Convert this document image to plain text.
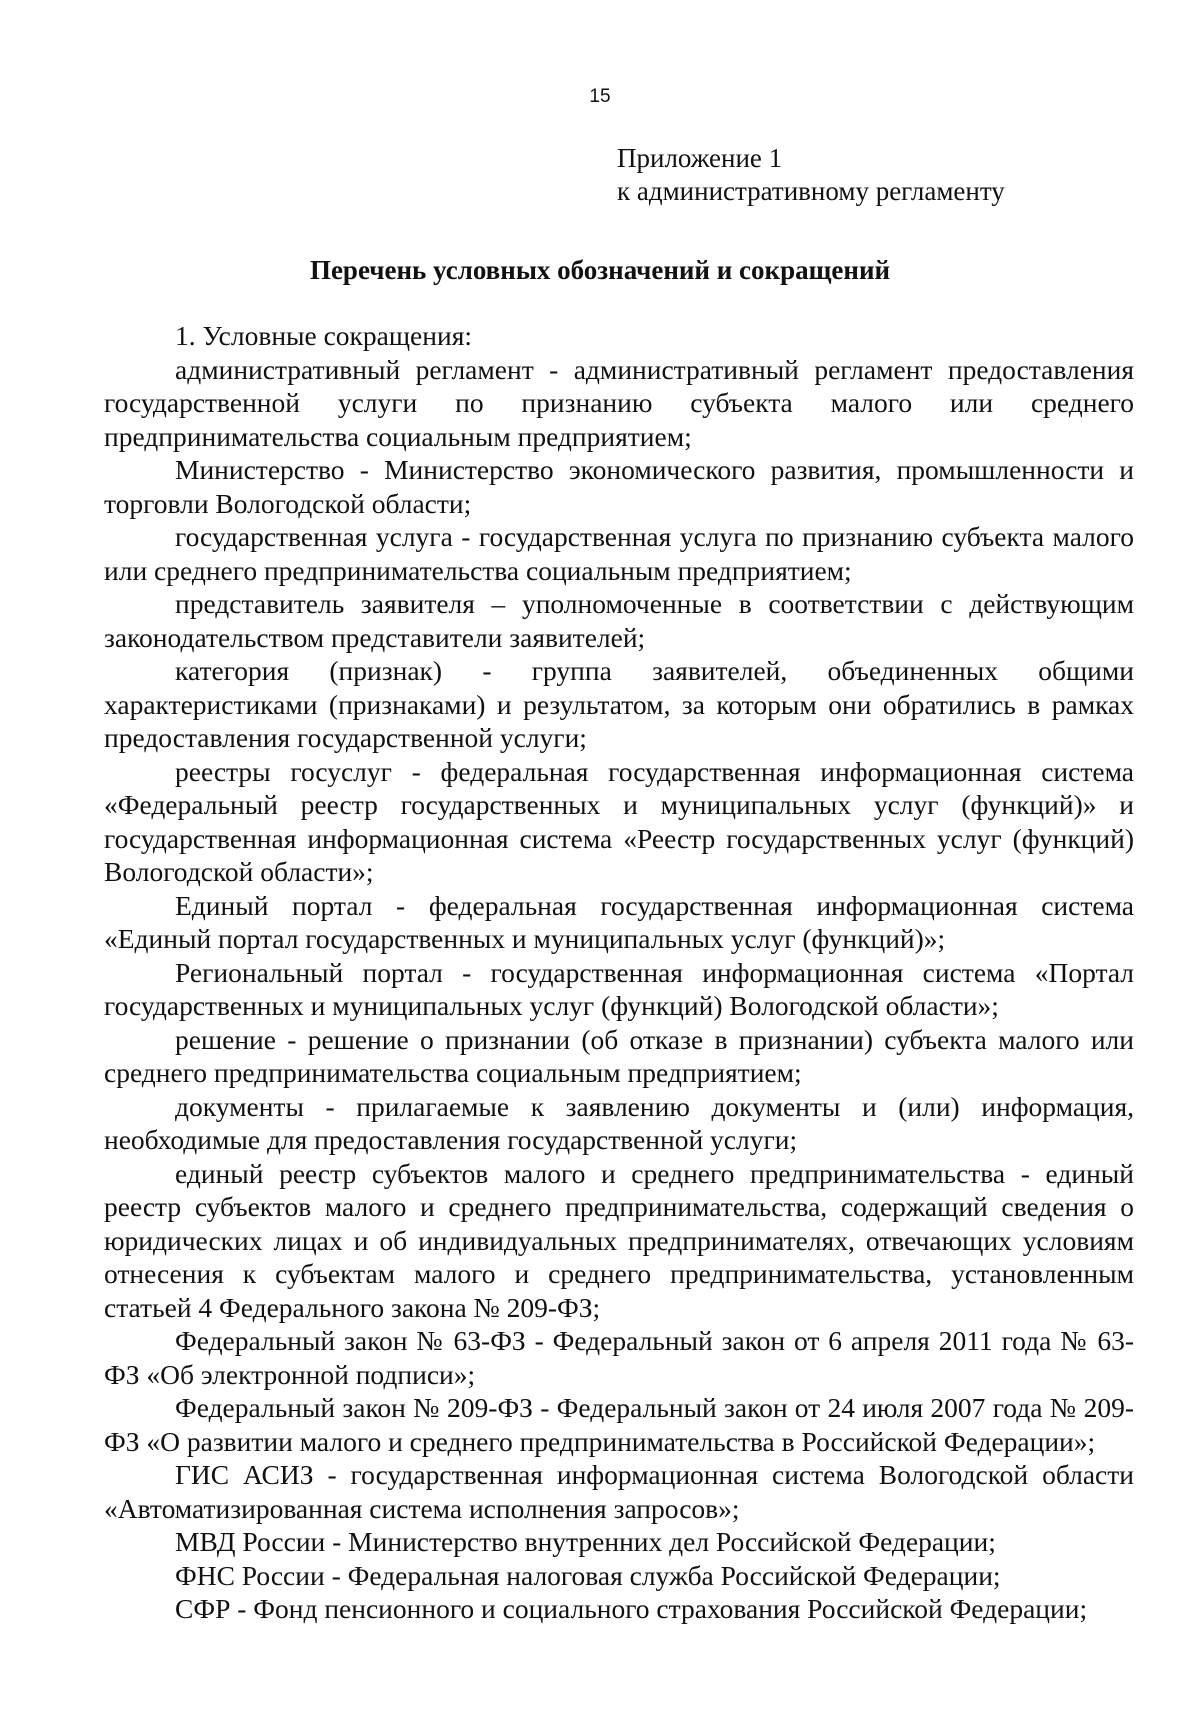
15
Приложение 1
к административному регламенту
Перечень условных обозначений и сокращений

1. Условные сокращения:

административный регламент - административный регламент предоставления государственной услуги по признанию субъекта малого или среднего предпринимательства социальным предприятием;

Министерство - Министерство экономического развития, промышленности и торговли Вологодской области;

государственная услуга - государственная услуга по признанию субъекта малого или среднего предпринимательства социальным предприятием;

представитель заявителя – уполномоченные в соответствии с действующим законодательством представители заявителей;

категория (признак) - группа заявителей, объединенных общими характеристиками (признаками) и результатом, за которым они обратились в рамках предоставления государственной услуги;

реестры госуслуг - федеральная государственная информационная система «Федеральный реестр государственных и муниципальных услуг (функций)» и государственная информационная система «Реестр государственных услуг (функций) Вологодской области»;

Единый портал - федеральная государственная информационная система «Единый портал государственных и муниципальных услуг (функций)»;

Региональный портал - государственная информационная система «Портал государственных и муниципальных услуг (функций) Вологодской области»;

решение - решение о признании (об отказе в признании) субъекта малого или среднего предпринимательства социальным предприятием;

документы - прилагаемые к заявлению документы и (или) информация, необходимые для предоставления государственной услуги;

единый реестр субъектов малого и среднего предпринимательства - единый реестр субъектов малого и среднего предпринимательства, содержащий сведения о юридических лицах и об индивидуальных предпринимателях, отвечающих условиям отнесения к субъектам малого и среднего предпринимательства, установленным статьей 4 Федерального закона № 209-ФЗ;

Федеральный закон № 63-ФЗ - Федеральный закон от 6 апреля 2011 года № 63-ФЗ «Об электронной подписи»;

Федеральный закон № 209-ФЗ - Федеральный закон от 24 июля 2007 года № 209-ФЗ «О развитии малого и среднего предпринимательства в Российской Федерации»;

ГИС АСИЗ - государственная информационная система Вологодской области «Автоматизированная система исполнения запросов»;

МВД России - Министерство внутренних дел Российской Федерации;

ФНС России - Федеральная налоговая служба Российской Федерации;

СФР - Фонд пенсионного и социального страхования Российской Федерации;
